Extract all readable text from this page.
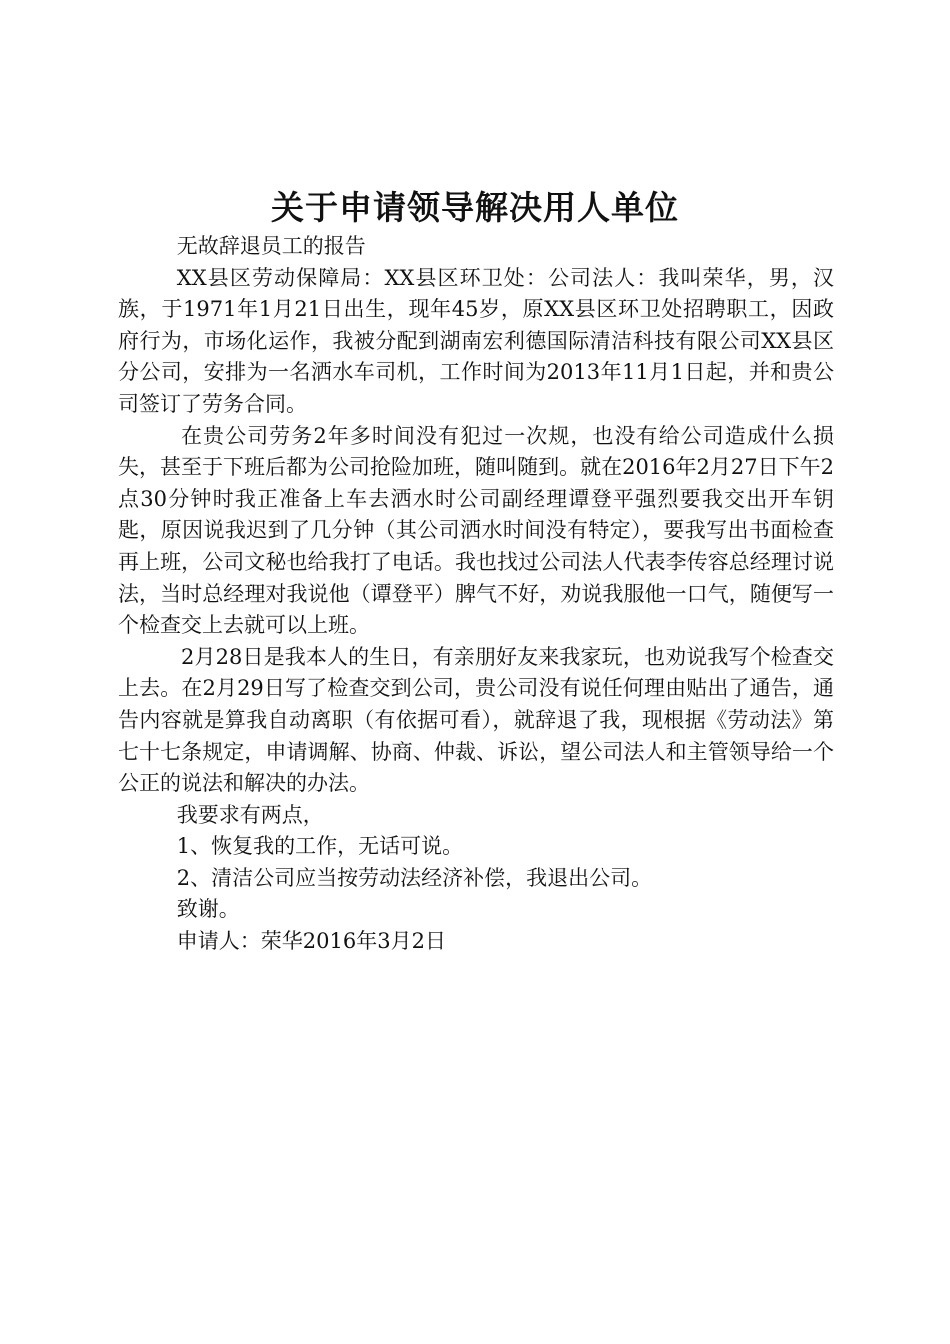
关于申请领导解决用人单位

无故辞退员工的报告

XX县区劳动保障局：XX县区环卫处：公司法人：我叫荣华，男，汉族，于1971年1月21日出生，现年45岁，原XX县区环卫处招聘职工，因政府行为，市场化运作，我被分配到湖南宏利德国际清洁科技有限公司XX县区分公司，安排为一名洒水车司机，工作时间为2013年11月1日起，并和贵公司签订了劳务合同。

在贵公司劳务2年多时间没有犯过一次规，也没有给公司造成什么损失，甚至于下班后都为公司抢险加班，随叫随到。就在2016年2月27日下午2点30分钟时我正准备上车去洒水时公司副经理谭登平强烈要我交出开车钥匙，原因说我迟到了几分钟（其公司洒水时间没有特定），要我写出书面检查再上班，公司文秘也给我打了电话。我也找过公司法人代表李传容总经理讨说法，当时总经理对我说他（谭登平）脾气不好，劝说我服他一口气，随便写一个检查交上去就可以上班。

2月28日是我本人的生日，有亲朋好友来我家玩，也劝说我写个检查交上去。在2月29日写了检查交到公司，贵公司没有说任何理由贴出了通告，通告内容就是算我自动离职（有依据可看），就辞退了我，现根据《劳动法》第七十七条规定，申请调解、协商、仲裁、诉讼，望公司法人和主管领导给一个公正的说法和解决的办法。

我要求有两点，

1、恢复我的工作，无话可说。

2、清洁公司应当按劳动法经济补偿，我退出公司。

致谢。

申请人：荣华2016年3月2日
